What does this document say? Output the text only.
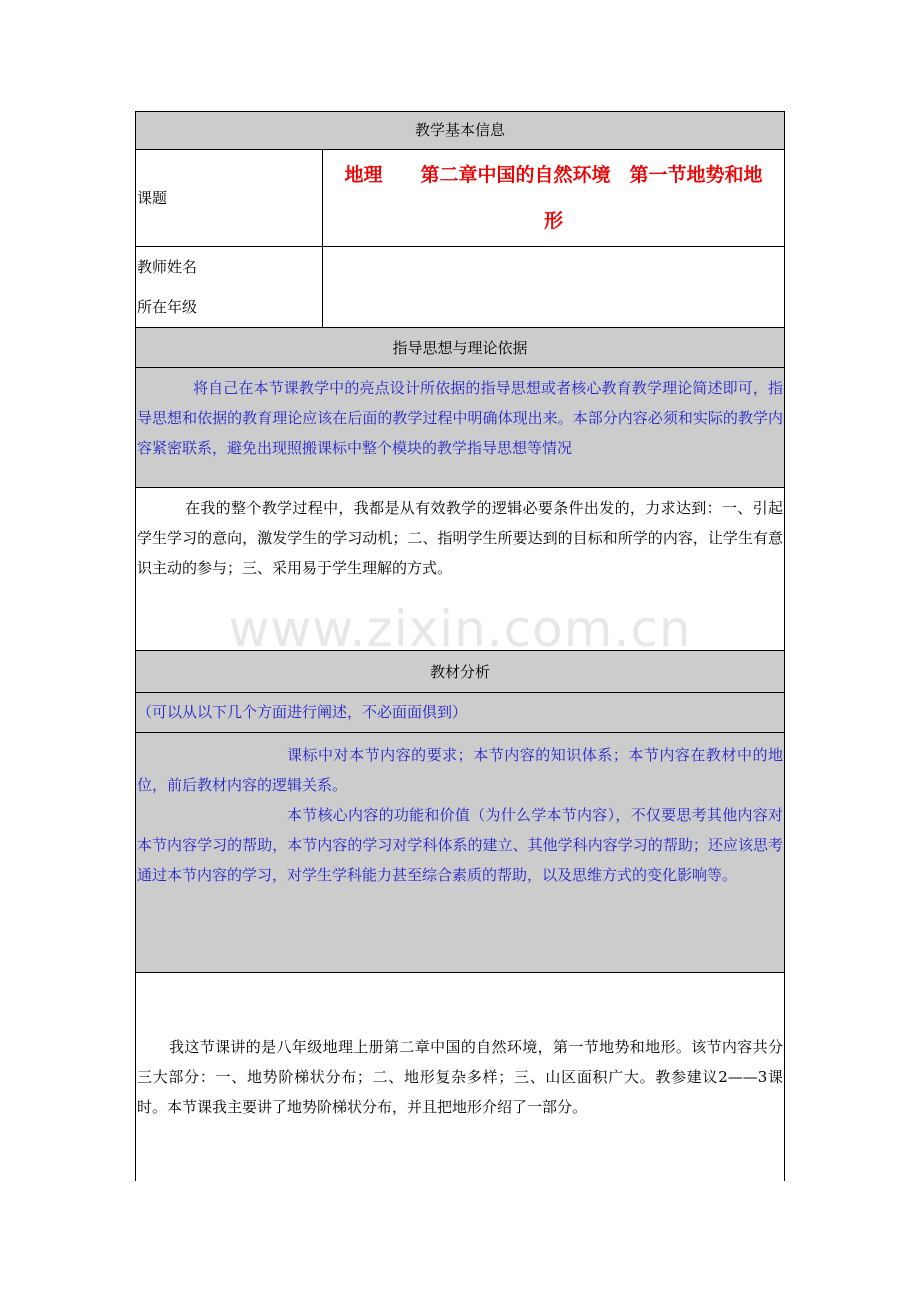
教学基本信息
课题
地理　　第二章中国的自然环境　第一节地势和地
形
教师姓名
所在年级
指导思想与理论依据

将自己在本节课教学中的亮点设计所依据的指导思想或者核心教育教学理论简述即可，指导思想和依据的教育理论应该在后面的教学过程中明确体现出来。本部分内容必须和实际的教学内容紧密联系，避免出现照搬课标中整个模块的教学指导思想等情况

在我的整个教学过程中，我都是从有效教学的逻辑必要条件出发的，力求达到：一、引起学生学习的意向，激发学生的学习动机；二、指明学生所要达到的目标和所学的内容，让学生有意识主动的参与；三、采用易于学生理解的方式。

教材分析
（可以从以下几个方面进行阐述，不必面面俱到）

课标中对本节内容的要求；本节内容的知识体系；本节内容在教材中的地位，前后教材内容的逻辑关系。

本节核心内容的功能和价值（为什么学本节内容），不仅要思考其他内容对本节内容学习的帮助，本节内容的学习对学科体系的建立、其他学科内容学习的帮助；还应该思考通过本节内容的学习，对学生学科能力甚至综合素质的帮助，以及思维方式的变化影响等。

我这节课讲的是八年级地理上册第二章中国的自然环境，第一节地势和地形。该节内容共分三大部分：一、地势阶梯状分布；二、地形复杂多样；三、山区面积广大。教参建议2——3课时。本节课我主要讲了地势阶梯状分布，并且把地形介绍了一部分。

www.zixin.com.cn
